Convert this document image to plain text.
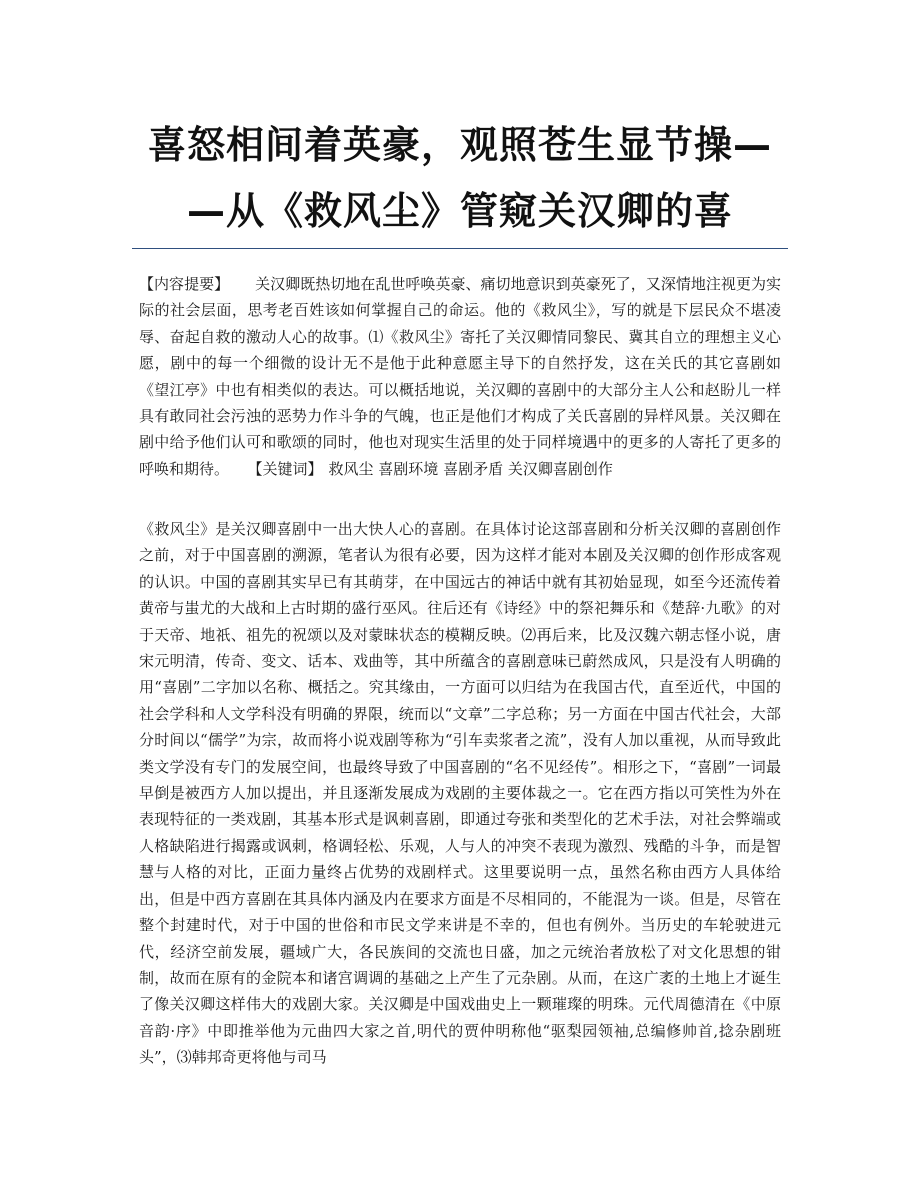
喜怒相间着英豪，观照苍生显节操—
—从《救风尘》管窥关汉卿的喜

【内容提要】 关汉卿既热切地在乱世呼唤英豪、痛切地意识到英豪死了，又深情地注视更为实际的社会层面，思考老百姓该如何掌握自己的命运。他的《救风尘》，写的就是下层民众不堪凌辱、奋起自救的激动人心的故事。⑴《救风尘》寄托了关汉卿情同黎民、冀其自立的理想主义心愿，剧中的每一个细微的设计无不是他于此种意愿主导下的自然抒发，这在关氏的其它喜剧如《望江亭》中也有相类似的表达。可以概括地说，关汉卿的喜剧中的大部分主人公和赵盼儿一样具有敢同社会污浊的恶势力作斗争的气魄，也正是他们才构成了关氏喜剧的异样风景。关汉卿在剧中给予他们认可和歌颂的同时，他也对现实生活里的处于同样境遇中的更多的人寄托了更多的呼唤和期待。 【关键词】 救风尘 喜剧环境 喜剧矛盾 关汉卿喜剧创作

《救风尘》是关汉卿喜剧中一出大快人心的喜剧。在具体讨论这部喜剧和分析关汉卿的喜剧创作之前，对于中国喜剧的溯源，笔者认为很有必要，因为这样才能对本剧及关汉卿的创作形成客观的认识。中国的喜剧其实早已有其萌芽，在中国远古的神话中就有其初始显现，如至今还流传着黄帝与蚩尤的大战和上古时期的盛行巫风。往后还有《诗经》中的祭祀舞乐和《楚辞·九歌》的对于天帝、地祇、祖先的祝颂以及对蒙昧状态的模糊反映。⑵再后来，比及汉魏六朝志怪小说，唐宋元明清，传奇、变文、话本、戏曲等，其中所蕴含的喜剧意味已蔚然成风，只是没有人明确的用“喜剧”二字加以名称、概括之。究其缘由，一方面可以归结为在我国古代，直至近代，中国的社会学科和人文学科没有明确的界限，统而以“文章”二字总称；另一方面在中国古代社会，大部分时间以“儒学”为宗，故而将小说戏剧等称为“引车卖浆者之流”，没有人加以重视，从而导致此类文学没有专门的发展空间，也最终导致了中国喜剧的“名不见经传”。相形之下，“喜剧”一词最早倒是被西方人加以提出，并且逐渐发展成为戏剧的主要体裁之一。它在西方指以可笑性为外在表现特征的一类戏剧，其基本形式是讽刺喜剧，即通过夸张和类型化的艺术手法，对社会弊端或人格缺陷进行揭露或讽刺，格调轻松、乐观，人与人的冲突不表现为激烈、残酷的斗争，而是智慧与人格的对比，正面力量终占优势的戏剧样式。这里要说明一点，虽然名称由西方人具体给出，但是中西方喜剧在其具体内涵及内在要求方面是不尽相同的，不能混为一谈。但是，尽管在整个封建时代，对于中国的世俗和市民文学来讲是不幸的，但也有例外。当历史的车轮驶进元代，经济空前发展，疆域广大，各民族间的交流也日盛，加之元统治者放松了对文化思想的钳制，故而在原有的金院本和诸宫调调的基础之上产生了元杂剧。从而，在这广袤的土地上才诞生了像关汉卿这样伟大的戏剧大家。关汉卿是中国戏曲史上一颗璀璨的明珠。元代周德清在《中原音韵·序》中即推举他为元曲四大家之首,明代的贾仲明称他“驱梨园领袖,总编修帅首,捻杂剧班头”，⑶韩邦奇更将他与司马
